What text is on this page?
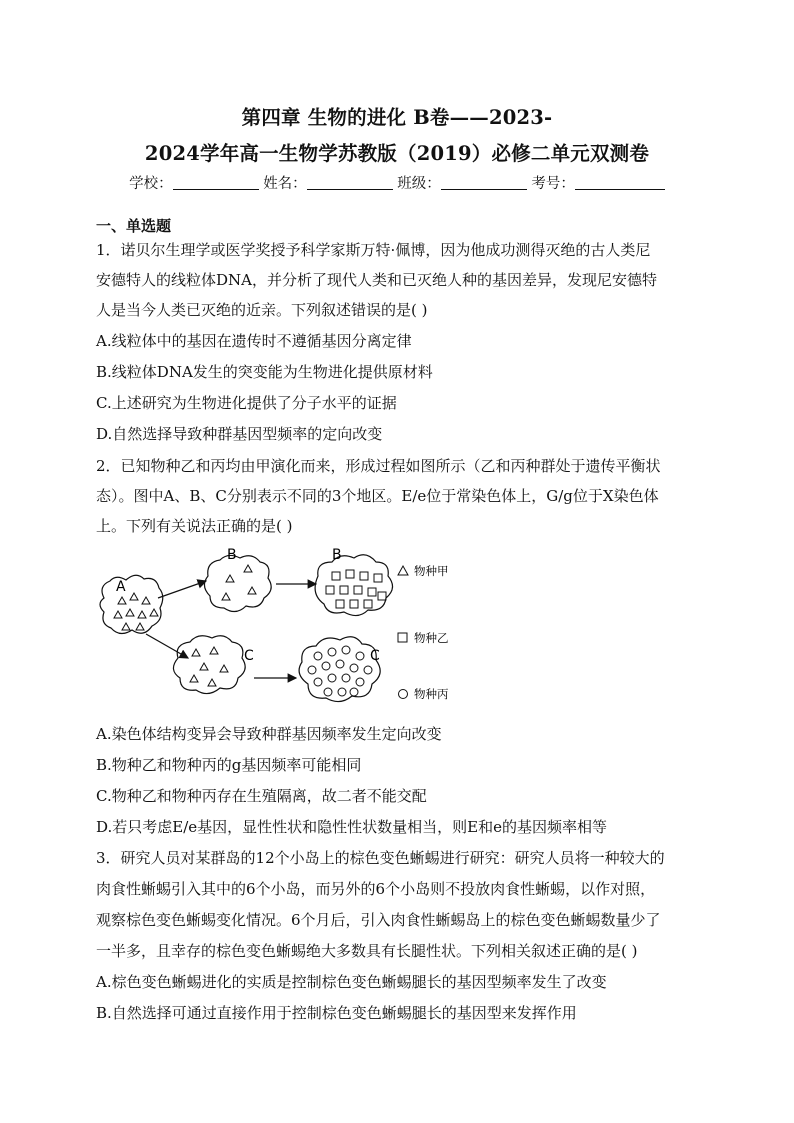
第四章 生物的进化 B卷——2023-
2024学年高一生物学苏教版（2019）必修二单元双测卷
学校：	姓名：	班级：	考号：
一、单选题
1．诺贝尔生理学或医学奖授予科学家斯万特·佩博，因为他成功测得灭绝的古人类尼
安德特人的线粒体DNA，并分析了现代人类和已灭绝人种的基因差异，发现尼安德特
人是当今人类已灭绝的近亲。下列叙述错误的是( )
A.线粒体中的基因在遗传时不遵循基因分离定律
B.线粒体DNA发生的突变能为生物进化提供原材料
C.上述研究为生物进化提供了分子水平的证据
D.自然选择导致种群基因型频率的定向改变
2．已知物种乙和丙均由甲演化而来，形成过程如图所示（乙和丙种群处于遗传平衡状
态）。图中A、B、C分别表示不同的3个地区。E/e位于常染色体上，G/g位于X染色体
上。下列有关说法正确的是( )
A
B	B
C	C
物种甲
物种乙
物种丙
A.染色体结构变异会导致种群基因频率发生定向改变
B.物种乙和物种丙的g基因频率可能相同
C.物种乙和物种丙存在生殖隔离，故二者不能交配
D.若只考虑E/e基因，显性性状和隐性性状数量相当，则E和e的基因频率相等
3．研究人员对某群岛的12个小岛上的棕色变色蜥蜴进行研究：研究人员将一种较大的
肉食性蜥蜴引入其中的6个小岛，而另外的6个小岛则不投放肉食性蜥蜴，以作对照，
观察棕色变色蜥蜴变化情况。6个月后，引入肉食性蜥蜴岛上的棕色变色蜥蜴数量少了
一半多，且幸存的棕色变色蜥蜴绝大多数具有长腿性状。下列相关叙述正确的是( )
A.棕色变色蜥蜴进化的实质是控制棕色变色蜥蜴腿长的基因型频率发生了改变
B.自然选择可通过直接作用于控制棕色变色蜥蜴腿长的基因型来发挥作用
